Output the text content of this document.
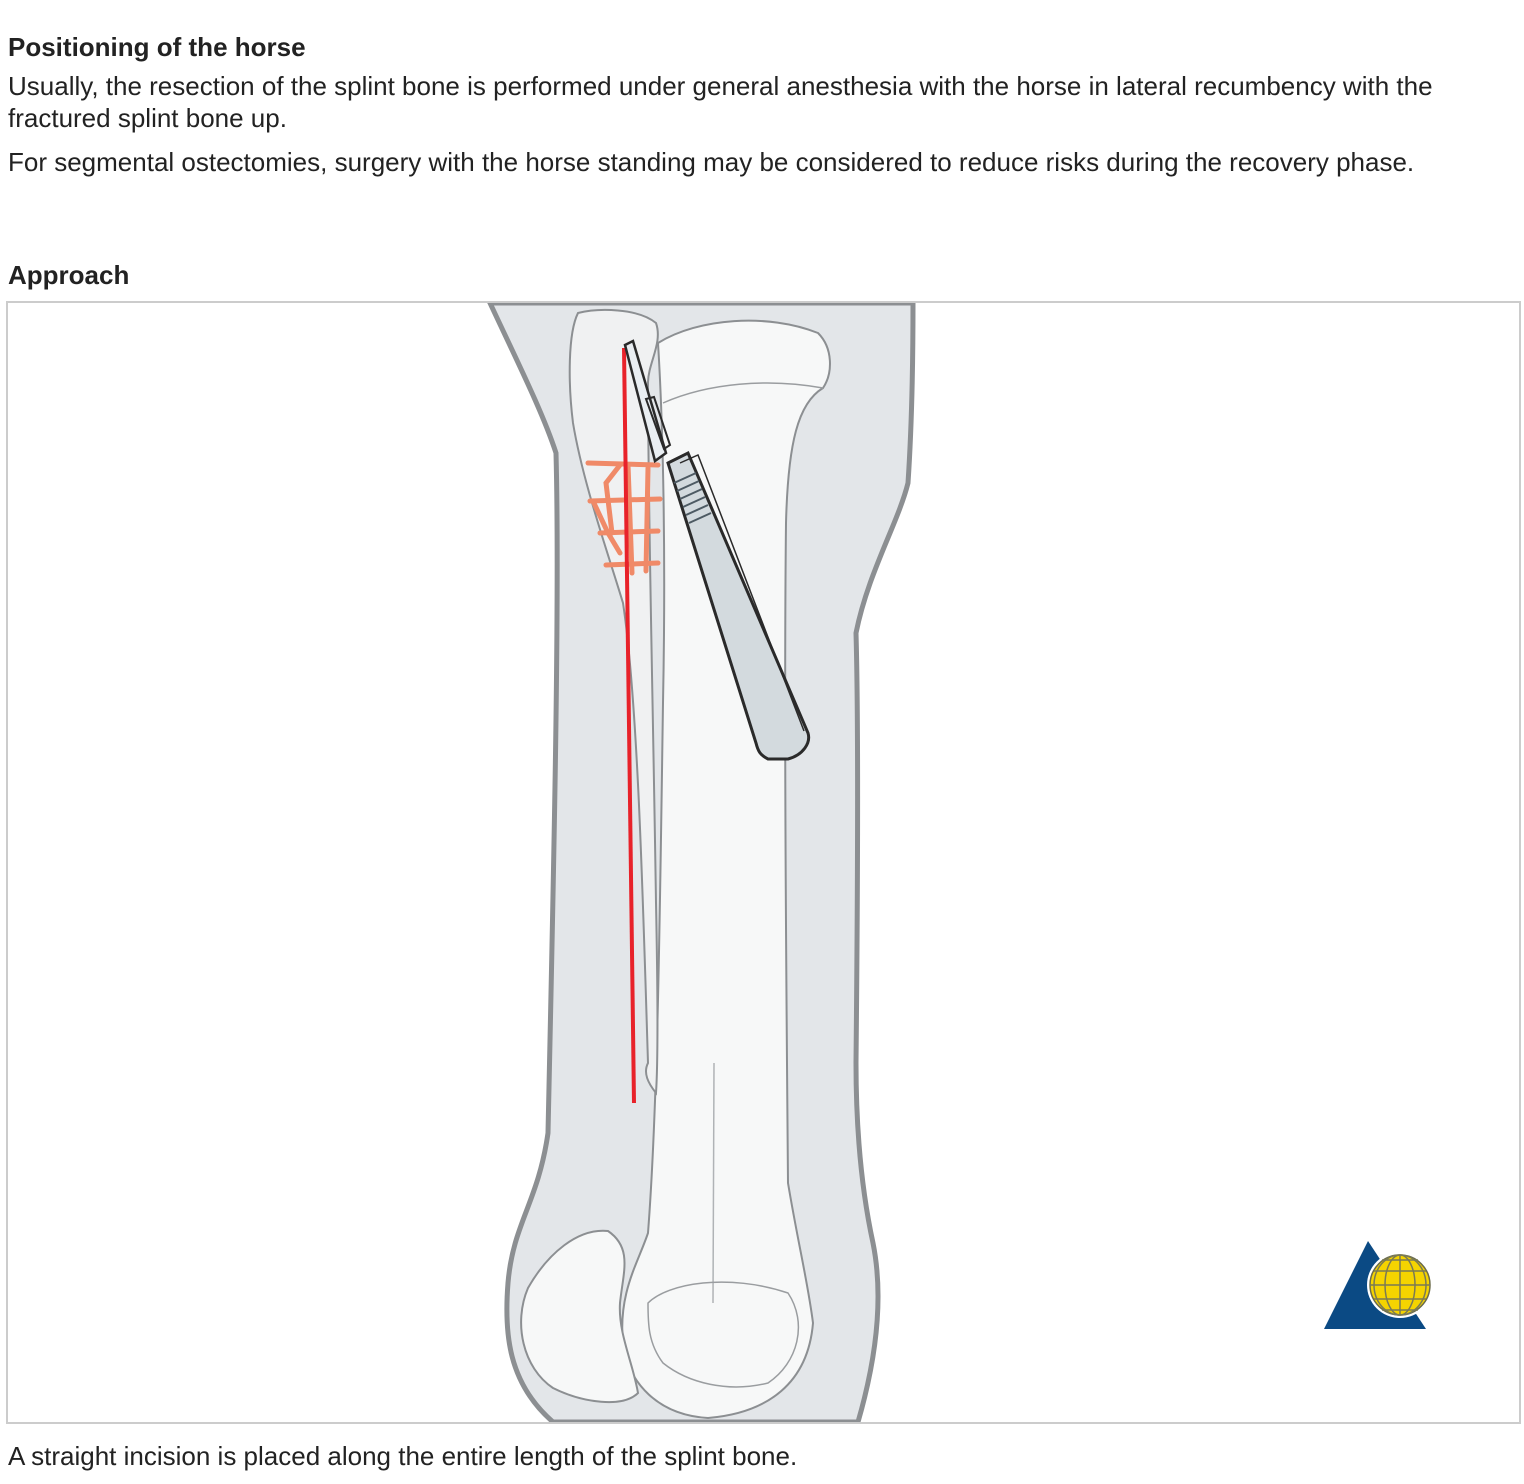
Positioning of the horse

Usually, the resection of the splint bone is performed under general anesthesia with the horse in lateral recumbency with the fractured splint bone up.

For segmental ostectomies, surgery with the horse standing may be considered to reduce risks during the recovery phase.

Approach

A straight incision is placed along the entire length of the splint bone.
